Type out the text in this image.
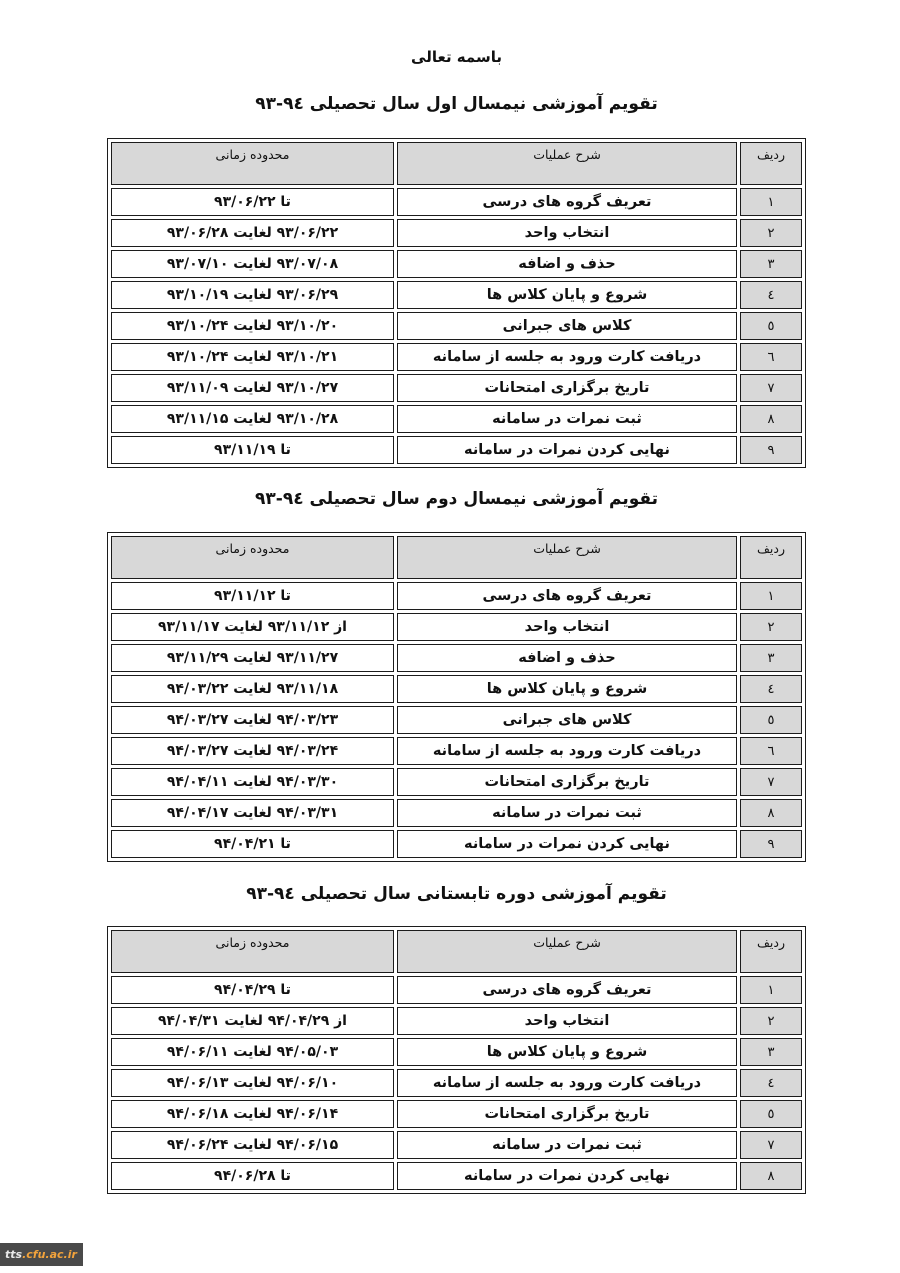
باسمه تعالی
تقویم آموزشی نیمسال اول سال تحصیلی ٩٤-٩٣
ردیف	شرح عملیات	محدوده زمانی
١	تعریف گروه های درسی	تا ۹۳/۰۶/۲۲
٢	انتخاب واحد	۹۳/۰۶/۲۲ لغایت ۹۳/۰۶/۲۸
٣	حذف و اضافه	۹۳/۰۷/۰۸ لغایت ۹۳/۰۷/۱۰
٤	شروع و پایان کلاس ها	۹۳/۰۶/۲۹ لغایت ۹۳/۱۰/۱۹
٥	کلاس های جبرانی	۹۳/۱۰/۲۰ لغایت ۹۳/۱۰/۲۴
٦	دریافت کارت ورود به جلسه از سامانه	۹۳/۱۰/۲۱ لغایت ۹۳/۱۰/۲۴
٧	تاریخ برگزاری امتحانات	۹۳/۱۰/۲۷ لغایت ۹۳/۱۱/۰۹
٨	ثبت نمرات در سامانه	۹۳/۱۰/۲۸ لغایت ۹۳/۱۱/۱۵
٩	نهایی کردن نمرات در سامانه	تا ۹۳/۱۱/۱۹
تقویم آموزشی نیمسال دوم سال تحصیلی ٩٤-٩٣
ردیف	شرح عملیات	محدوده زمانی
١	تعریف گروه های درسی	تا ۹۳/۱۱/۱۲
٢	انتخاب واحد	از ۹۳/۱۱/۱۲ لغایت ۹۳/۱۱/۱۷
٣	حذف و اضافه	۹۳/۱۱/۲۷ لغایت ۹۳/۱۱/۲۹
٤	شروع و پایان کلاس ها	۹۳/۱۱/۱۸ لغایت ۹۴/۰۳/۲۲
٥	کلاس های جبرانی	۹۴/۰۳/۲۳ لغایت ۹۴/۰۳/۲۷
٦	دریافت کارت ورود به جلسه از سامانه	۹۴/۰۳/۲۴ لغایت ۹۴/۰۳/۲۷
٧	تاریخ برگزاری امتحانات	۹۴/۰۳/۳۰ لغایت ۹۴/۰۴/۱۱
٨	ثبت نمرات در سامانه	۹۴/۰۳/۳۱ لغایت ۹۴/۰۴/۱۷
٩	نهایی کردن نمرات در سامانه	تا ۹۴/۰۴/۲۱
تقویم آموزشی دوره تابستانی سال تحصیلی ٩٤-٩٣
ردیف	شرح عملیات	محدوده زمانی
١	تعریف گروه های درسی	تا ۹۴/۰۴/۲۹
٢	انتخاب واحد	از ۹۴/۰۴/۲۹ لغایت ۹۴/۰۴/۳۱
٣	شروع و پایان کلاس ها	۹۴/۰۵/۰۳ لغایت ۹۴/۰۶/۱۱
٤	دریافت کارت ورود به جلسه از سامانه	۹۴/۰۶/۱۰ لغایت ۹۴/۰۶/۱۳
٥	تاریخ برگزاری امتحانات	۹۴/۰۶/۱۴ لغایت ۹۴/۰۶/۱۸
٧	ثبت نمرات در سامانه	۹۴/۰۶/۱۵ لغایت ۹۴/۰۶/۲۴
٨	نهایی کردن نمرات در سامانه	تا ۹۴/۰۶/۲۸
tts .cfu.ac.ir
